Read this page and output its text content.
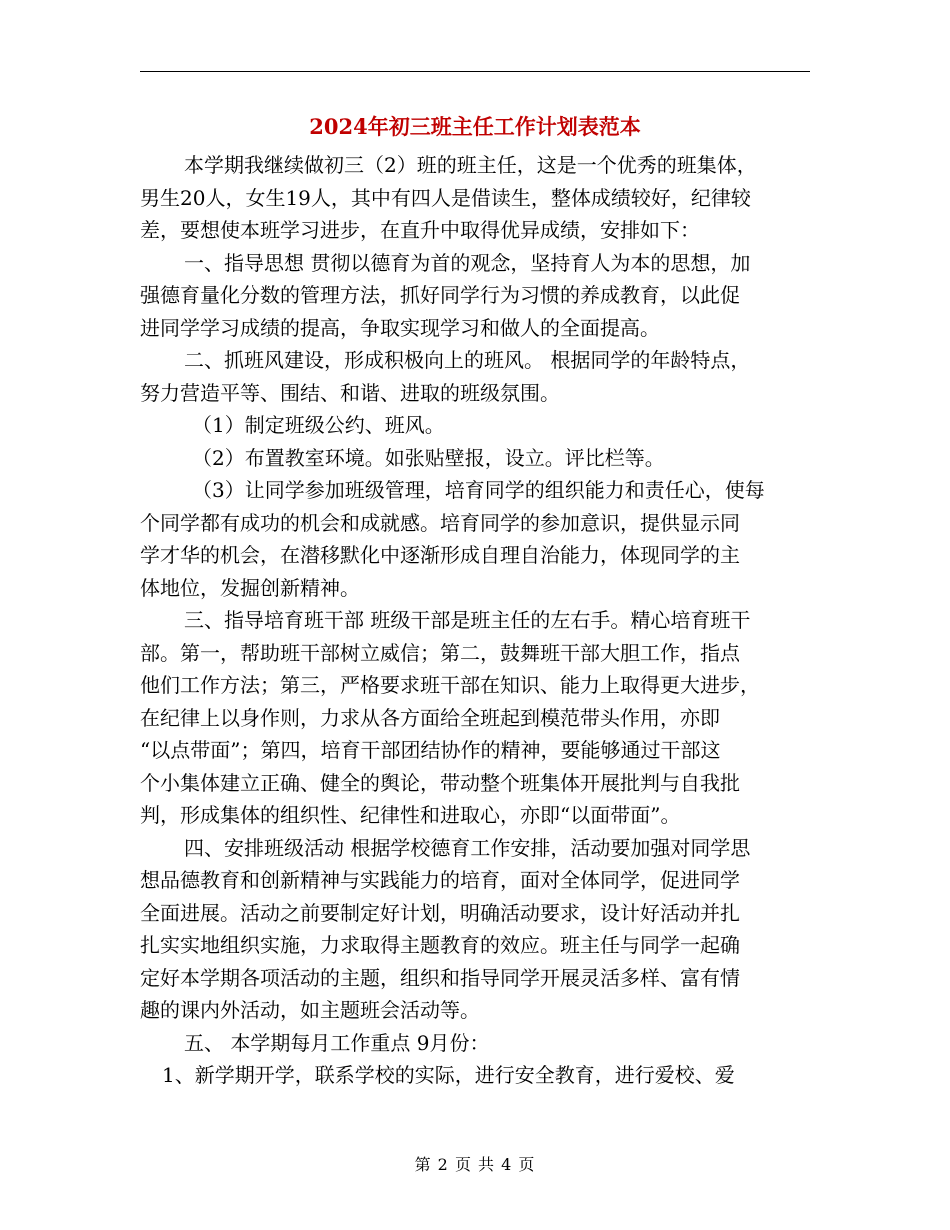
2024年初三班主任工作计划表范本
本学期我继续做初三（2）班的班主任，这是一个优秀的班集体，
男生20人，女生19人，其中有四人是借读生，整体成绩较好，纪律较
差，要想使本班学习进步，在直升中取得优异成绩，安排如下：
一、指导思想 贯彻以德育为首的观念，坚持育人为本的思想，加
强德育量化分数的管理方法，抓好同学行为习惯的养成教育，以此促
进同学学习成绩的提高，争取实现学习和做人的全面提高。
二、抓班风建设，形成积极向上的班风。 根据同学的年龄特点，
努力营造平等、围结、和谐、进取的班级氛围。
（1）制定班级公约、班风。
（2）布置教室环境。如张贴壁报，设立。评比栏等。
（3）让同学参加班级管理，培育同学的组织能力和责任心，使每
个同学都有成功的机会和成就感。培育同学的参加意识，提供显示同
学才华的机会，在潜移默化中逐渐形成自理自治能力，体现同学的主
体地位，发掘创新精神。
三、指导培育班干部 班级干部是班主任的左右手。精心培育班干
部。第一，帮助班干部树立威信；第二，鼓舞班干部大胆工作，指点
他们工作方法；第三，严格要求班干部在知识、能力上取得更大进步，
在纪律上以身作则，力求从各方面给全班起到模范带头作用，亦即
“以点带面”；第四，培育干部团结协作的精神，要能够通过干部这
个小集体建立正确、健全的舆论，带动整个班集体开展批判与自我批
判，形成集体的组织性、纪律性和进取心，亦即“以面带面”。
四、安排班级活动 根据学校德育工作安排，活动要加强对同学思
想品德教育和创新精神与实践能力的培育，面对全体同学，促进同学
全面进展。活动之前要制定好计划，明确活动要求，设计好活动并扎
扎实实地组织实施，力求取得主题教育的效应。班主任与同学一起确
定好本学期各项活动的主题，组织和指导同学开展灵活多样、富有情
趣的课内外活动，如主题班会活动等。
五、 本学期每月工作重点 9月份：
1、新学期开学，联系学校的实际，进行安全教育，进行爱校、爱
第 2 页 共 4 页
